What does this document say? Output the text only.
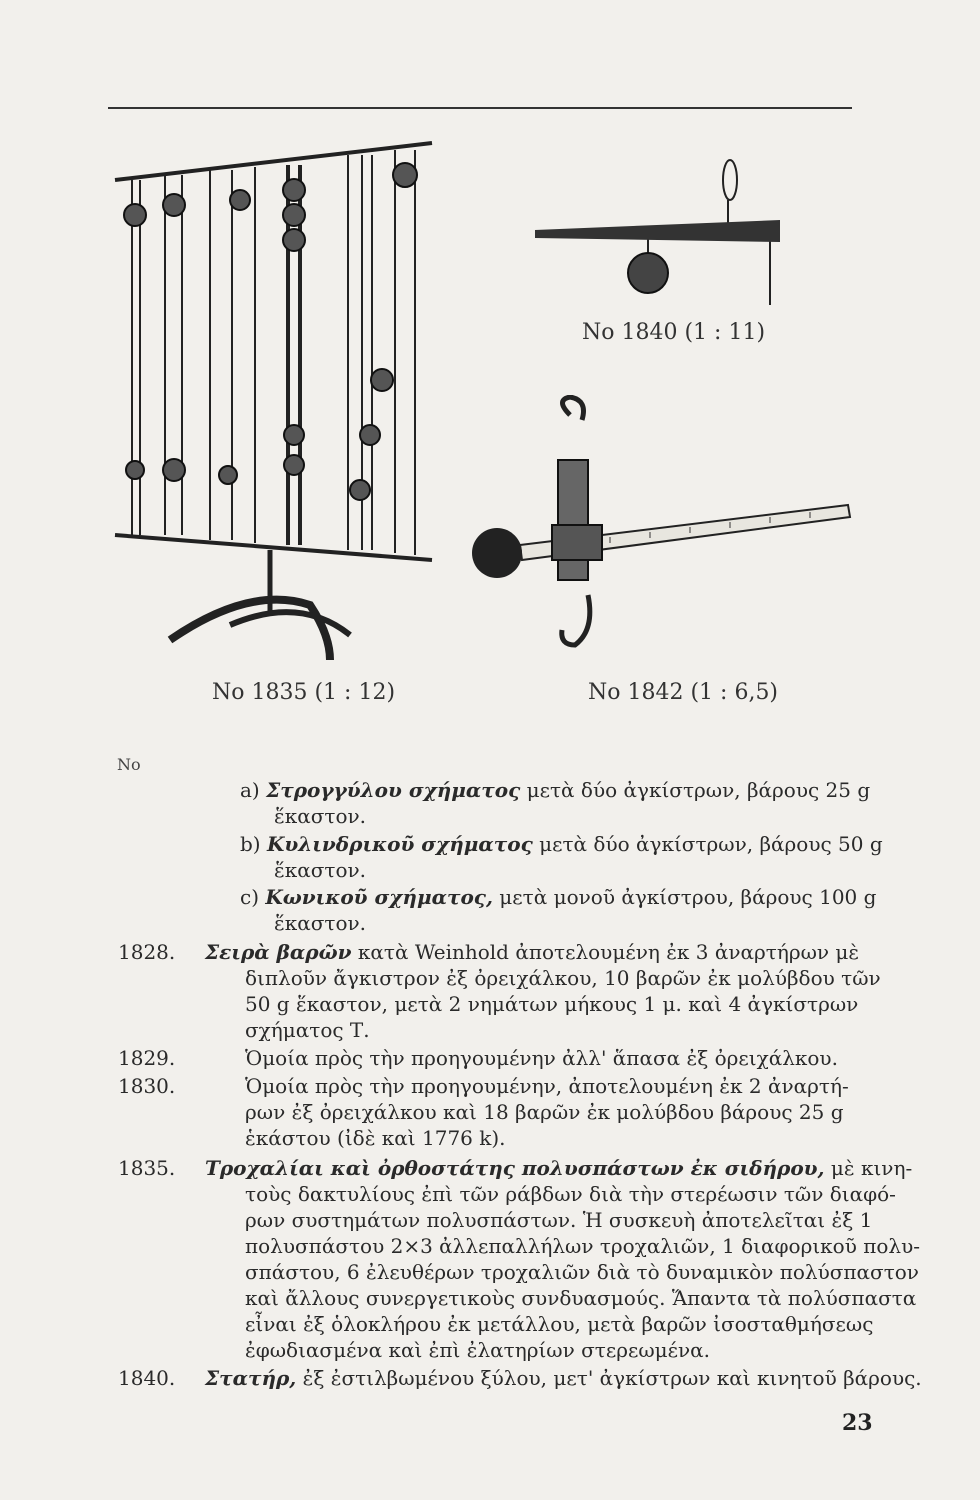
No 1835 (1 : 12)
No 1840 (1 : 11)
No 1842 (1 : 6,5)
No
a) Στρογγύλου σχήματος μετὰ δύο ἀγκίστρων, βάρους 25 g
ἕκαστον.
b) Κυλινδρικοῦ σχήματος μετὰ δύο ἀγκίστρων, βάρους 50 g
ἕκαστον.
c) Κωνικοῦ σχήματος, μετὰ μονοῦ ἀγκίστρου, βάρους 100 g
ἕκαστον.
1828. Σειρὰ βαρῶν κατὰ Weinhold ἀποτελουμένη ἐκ 3 ἀναρτήρων μὲ
διπλοῦν ἄγκιστρον ἐξ ὀρειχάλκου, 10 βαρῶν ἐκ μολύβδου τῶν
50 g ἕκαστον, μετὰ 2 νημάτων μήκους 1 μ. καὶ 4 ἀγκίστρων
σχήματος Τ.
1829.	Ὁμοία πρὸς τὴν προηγουμένην ἀλλ' ἅπασα ἐξ ὀρειχάλκου.
1830.	Ὁμοία πρὸς τὴν προηγουμένην, ἀποτελουμένη ἐκ 2 ἀναρτή-
ρων ἐξ ὀρειχάλκου καὶ 18 βαρῶν ἐκ μολύβδου βάρους 25 g
ἑκάστου (ἰδὲ καὶ 1776 k).
1835. Τροχαλίαι καὶ ὀρθοστάτης πολυσπάστων ἐκ σιδήρου, μὲ κινη-
τοὺς δακτυλίους ἐπὶ τῶν ράβδων διὰ τὴν στερέωσιν τῶν διαφό-
ρων συστημάτων πολυσπάστων. Ἡ συσκευὴ ἀποτελεῖται ἐξ 1
πολυσπάστου 2×3 ἀλλεπαλλήλων τροχαλιῶν, 1 διαφορικοῦ πολυ-
σπάστου, 6 ἐλευθέρων τροχαλιῶν διὰ τὸ δυναμικὸν πολύσπαστον
καὶ ἄλλους συνεργετικοὺς συνδυασμούς. Ἅπαντα τὰ πολύσπαστα
εἶναι ἐξ ὁλοκλήρου ἐκ μετάλλου, μετὰ βαρῶν ἰσοσταθμήσεως
ἐφωδιασμένα καὶ ἐπὶ ἐλατηρίων στερεωμένα.
1840. Στατήρ, ἐξ ἐστιλβωμένου ξύλου, μετ' ἀγκίστρων καὶ κινητοῦ βάρους.
23
